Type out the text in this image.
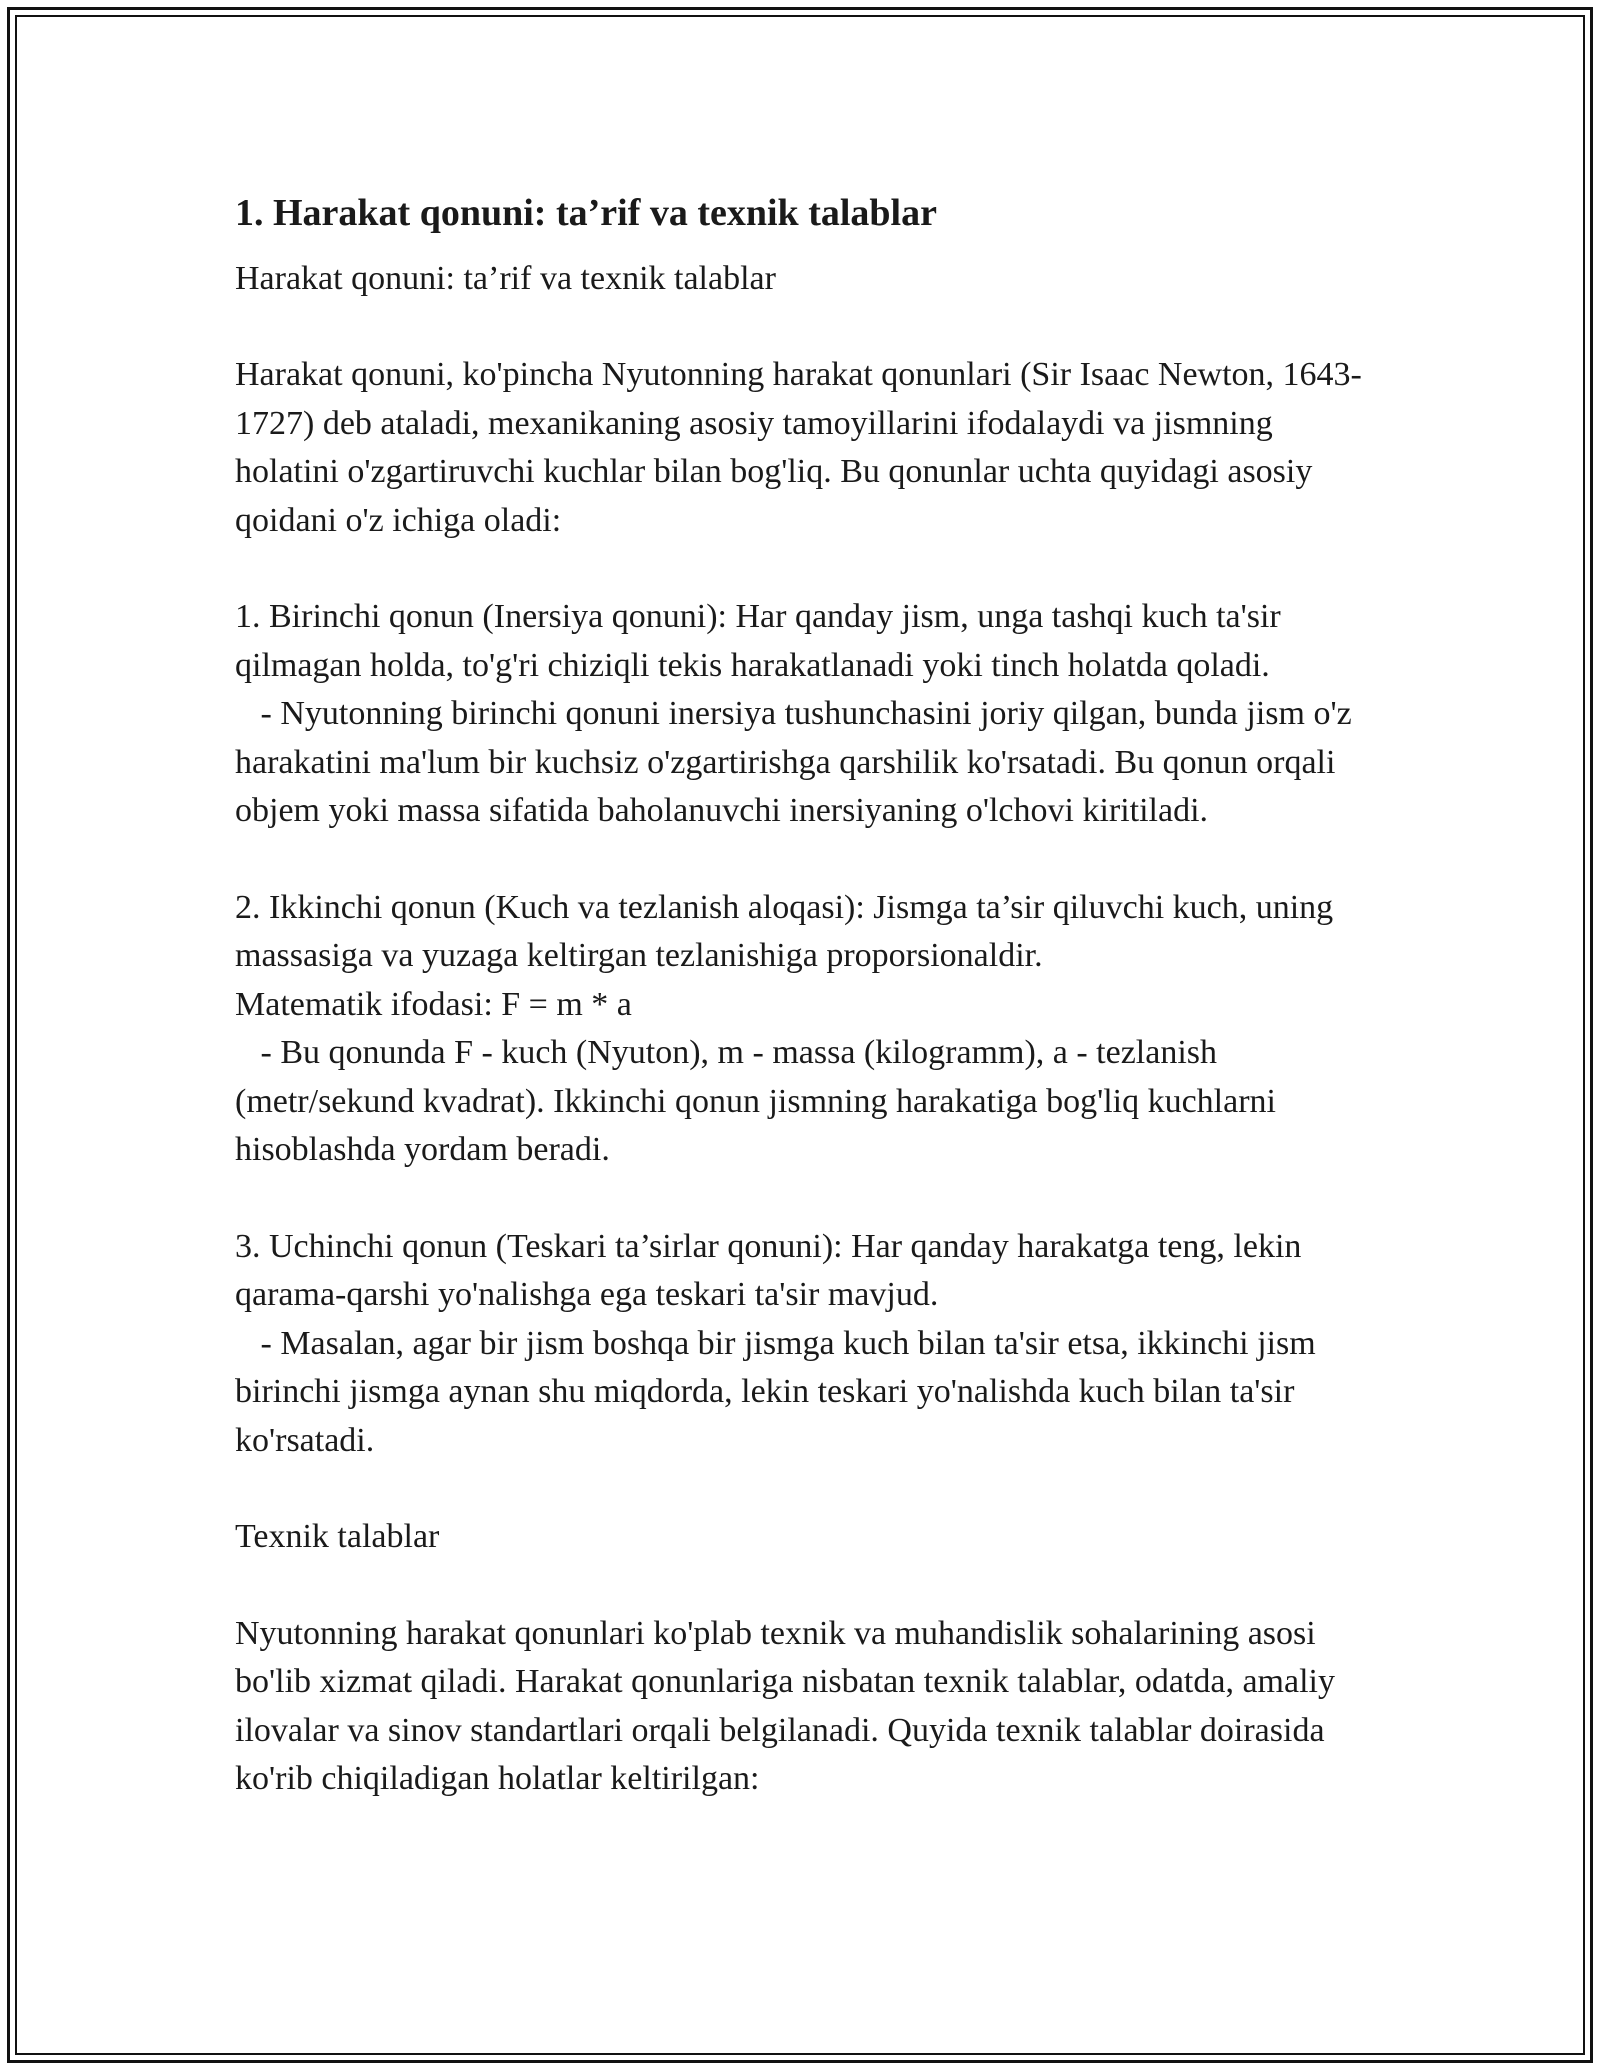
1. Harakat qonuni: ta’rif va texnik talablar
Harakat qonuni: ta’rif va texnik talablar
Harakat qonuni, ko'pincha Nyutonning harakat qonunlari (Sir Isaac Newton, 1643-1727) deb ataladi, mexanikaning asosiy tamoyillarini ifodalaydi va jismning holatini o'zgartiruvchi kuchlar bilan bog'liq. Bu qonunlar uchta quyidagi asosiy qoidani o'z ichiga oladi:
1. Birinchi qonun (Inersiya qonuni): Har qanday jism, unga tashqi kuch ta'sir qilmagan holda, to'g'ri chiziqli tekis harakatlanadi yoki tinch holatda qoladi.
- Nyutonning birinchi qonuni inersiya tushunchasini joriy qilgan, bunda jism o'z harakatini ma'lum bir kuchsiz o'zgartirishga qarshilik ko'rsatadi. Bu qonun orqali objem yoki massa sifatida baholanuvchi inersiyaning o'lchovi kiritiladi.
2. Ikkinchi qonun (Kuch va tezlanish aloqasi): Jismga ta’sir qiluvchi kuch, uning massasiga va yuzaga keltirgan tezlanishiga proporsionaldir.
Matematik ifodasi: F = m * a
- Bu qonunda F - kuch (Nyuton), m - massa (kilogramm), a - tezlanish (metr/sekund kvadrat). Ikkinchi qonun jismning harakatiga bog'liq kuchlarni hisoblashda yordam beradi.
3. Uchinchi qonun (Teskari ta’sirlar qonuni): Har qanday harakatga teng, lekin qarama-qarshi yo'nalishga ega teskari ta'sir mavjud.
- Masalan, agar bir jism boshqa bir jismga kuch bilan ta'sir etsa, ikkinchi jism birinchi jismga aynan shu miqdorda, lekin teskari yo'nalishda kuch bilan ta'sir ko'rsatadi.
Texnik talablar
Nyutonning harakat qonunlari ko'plab texnik va muhandislik sohalarining asosi bo'lib xizmat qiladi. Harakat qonunlariga nisbatan texnik talablar, odatda, amaliy ilovalar va sinov standartlari orqali belgilanadi. Quyida texnik talablar doirasida ko'rib chiqiladigan holatlar keltirilgan:
